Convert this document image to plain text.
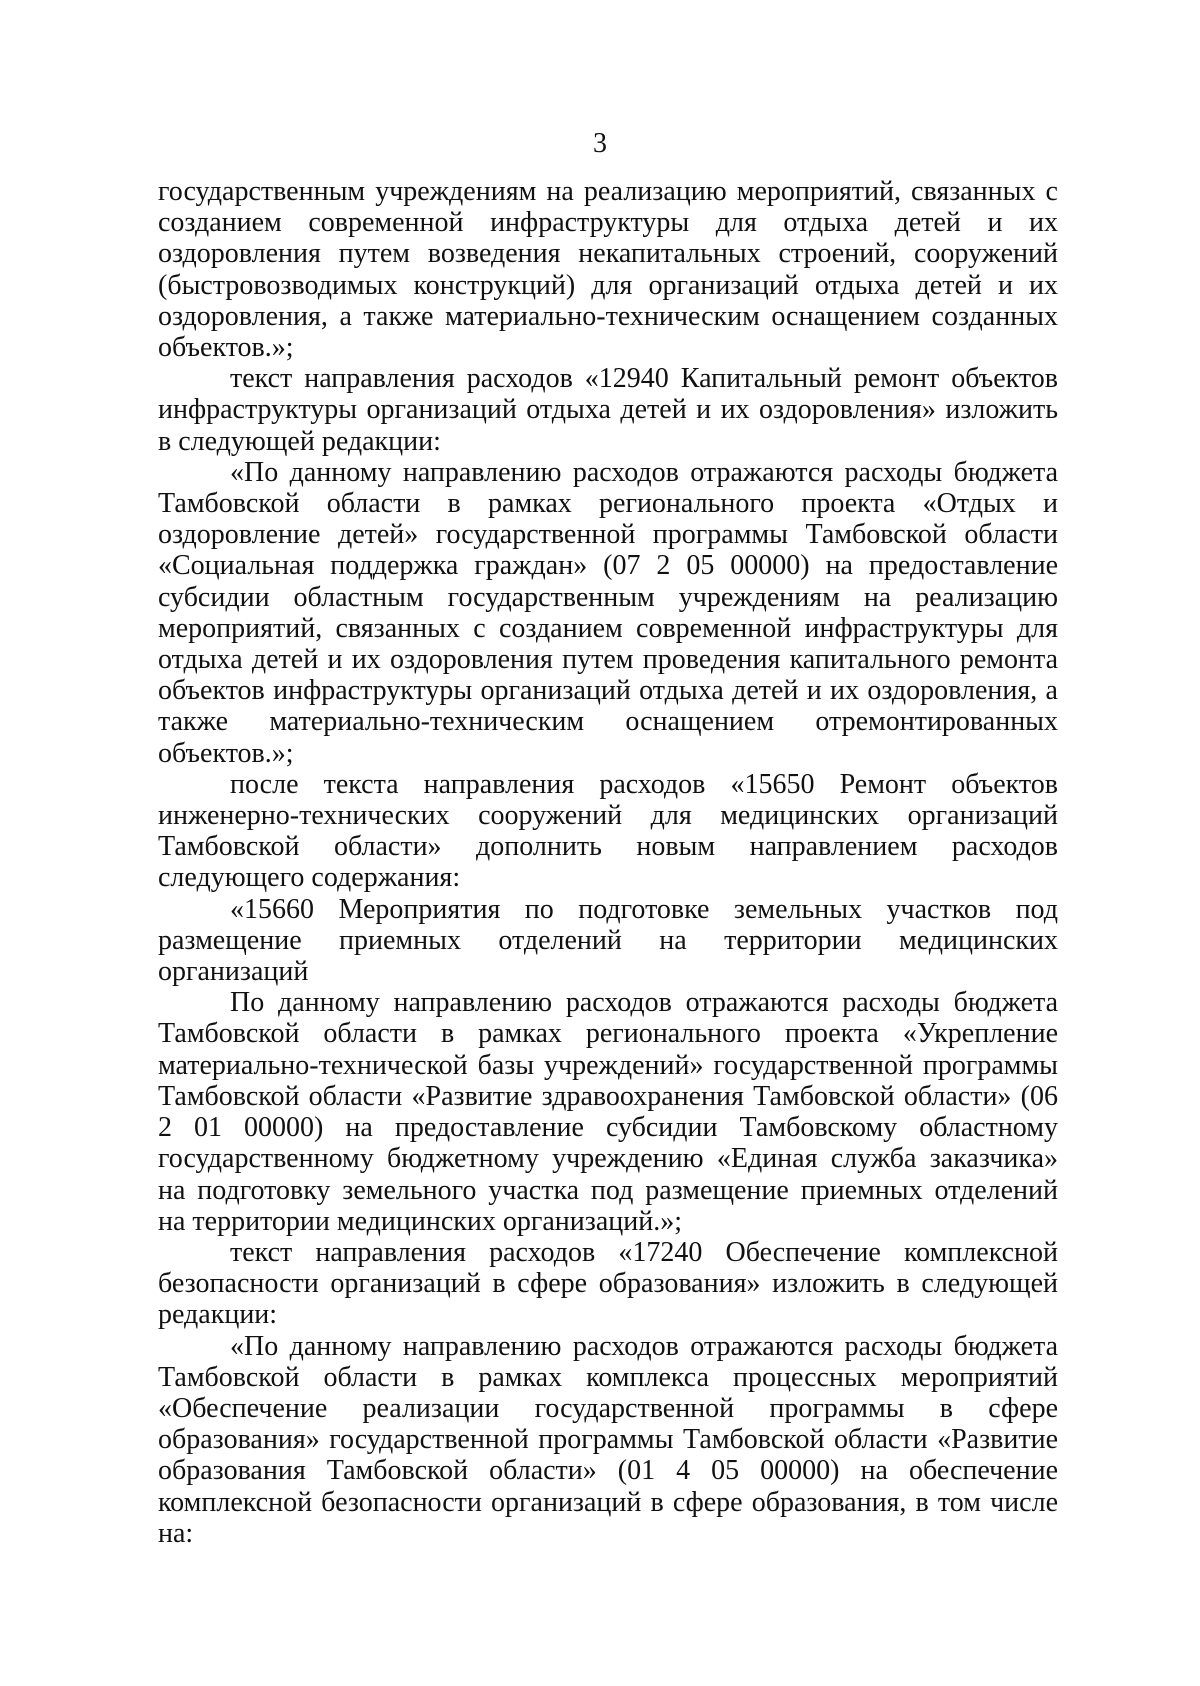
3

государственным учреждениям на реализацию мероприятий, связанных с созданием современной инфраструктуры для отдыха детей и их оздоровления путем возведения некапитальных строений, сооружений (быстровозводимых конструкций) для организаций отдыха детей и их оздоровления, а также материально-техническим оснащением созданных объектов.»;

текст направления расходов «12940 Капитальный ремонт объектов инфраструктуры организаций отдыха детей и их оздоровления» изложить в следующей редакции:

«По данному направлению расходов отражаются расходы бюджета Тамбовской области в рамках регионального проекта «Отдых и оздоровление детей» государственной программы Тамбовской области «Социальная поддержка граждан» (07 2 05 00000) на предоставление субсидии областным государственным учреждениям на реализацию мероприятий, связанных с созданием современной инфраструктуры для отдыха детей и их оздоровления путем проведения капитального ремонта объектов инфраструктуры организаций отдыха детей и их оздоровления, а также материально-техническим оснащением отремонтированных объектов.»;

после текста направления расходов «15650 Ремонт объектов инженерно-технических сооружений для медицинских организаций Тамбовской области» дополнить новым направлением расходов следующего содержания:

«15660 Мероприятия по подготовке земельных участков под размещение приемных отделений на территории медицинских организаций

По данному направлению расходов отражаются расходы бюджета Тамбовской области в рамках регионального проекта «Укрепление материально-технической базы учреждений» государственной программы Тамбовской области «Развитие здравоохранения Тамбовской области» (06 2 01 00000) на предоставление субсидии Тамбовскому областному государственному бюджетному учреждению «Единая служба заказчика» на подготовку земельного участка под размещение приемных отделений на территории медицинских организаций.»;

текст направления расходов «17240 Обеспечение комплексной безопасности организаций в сфере образования» изложить в следующей редакции:

«По данному направлению расходов отражаются расходы бюджета Тамбовской области в рамках комплекса процессных мероприятий «Обеспечение реализации государственной программы в сфере образования» государственной программы Тамбовской области «Развитие образования Тамбовской области» (01 4 05 00000) на обеспечение комплексной безопасности организаций в сфере образования, в том числе на:
